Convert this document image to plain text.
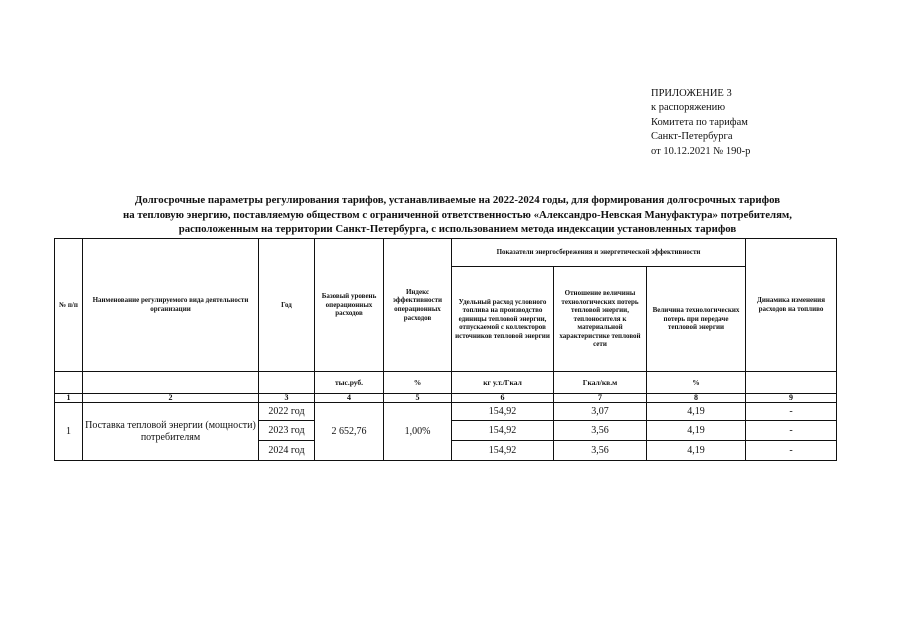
ПРИЛОЖЕНИЕ 3
к распоряжению
Комитета по тарифам
Санкт-Петербурга
от 10.12.2021 № 190-р
Долгосрочные параметры регулирования тарифов, устанавливаемые на 2022-2024 годы, для формирования долгосрочных тарифов
на тепловую энергию, поставляемую обществом с ограниченной ответственностью «Александро-Невская Мануфактура» потребителям,
расположенным на территории Санкт-Петербурга, с использованием метода индексации установленных тарифов
№ п/п	Наименование регулируемого вида деятельности организации	Год	Базовый уровень операционных расходов	Индекс эффективности операционных расходов	Показатели энергосбережения и энергетической эффективности			Динамика изменения расходов на топливо
					Удельный расход условного топлива на производство единицы тепловой энергии, отпускаемой с коллекторов источников тепловой энергии	Отношение величины технологических потерь тепловой энергии, теплоносителя к материальной характеристике тепловой сети	Величина технологических потерь при передаче тепловой энергии	
			тыс.руб.	%	кг у.т./Гкал	Гкал/кв.м	%	
1	2	3	4	5	6	7	8	9
1	Поставка тепловой энергии (мощности) потребителям	2022 год	2 652,76	1,00%	154,92	3,07	4,19	-
		2023 год			154,92	3,56	4,19	-
		2024 год			154,92	3,56	4,19	-
